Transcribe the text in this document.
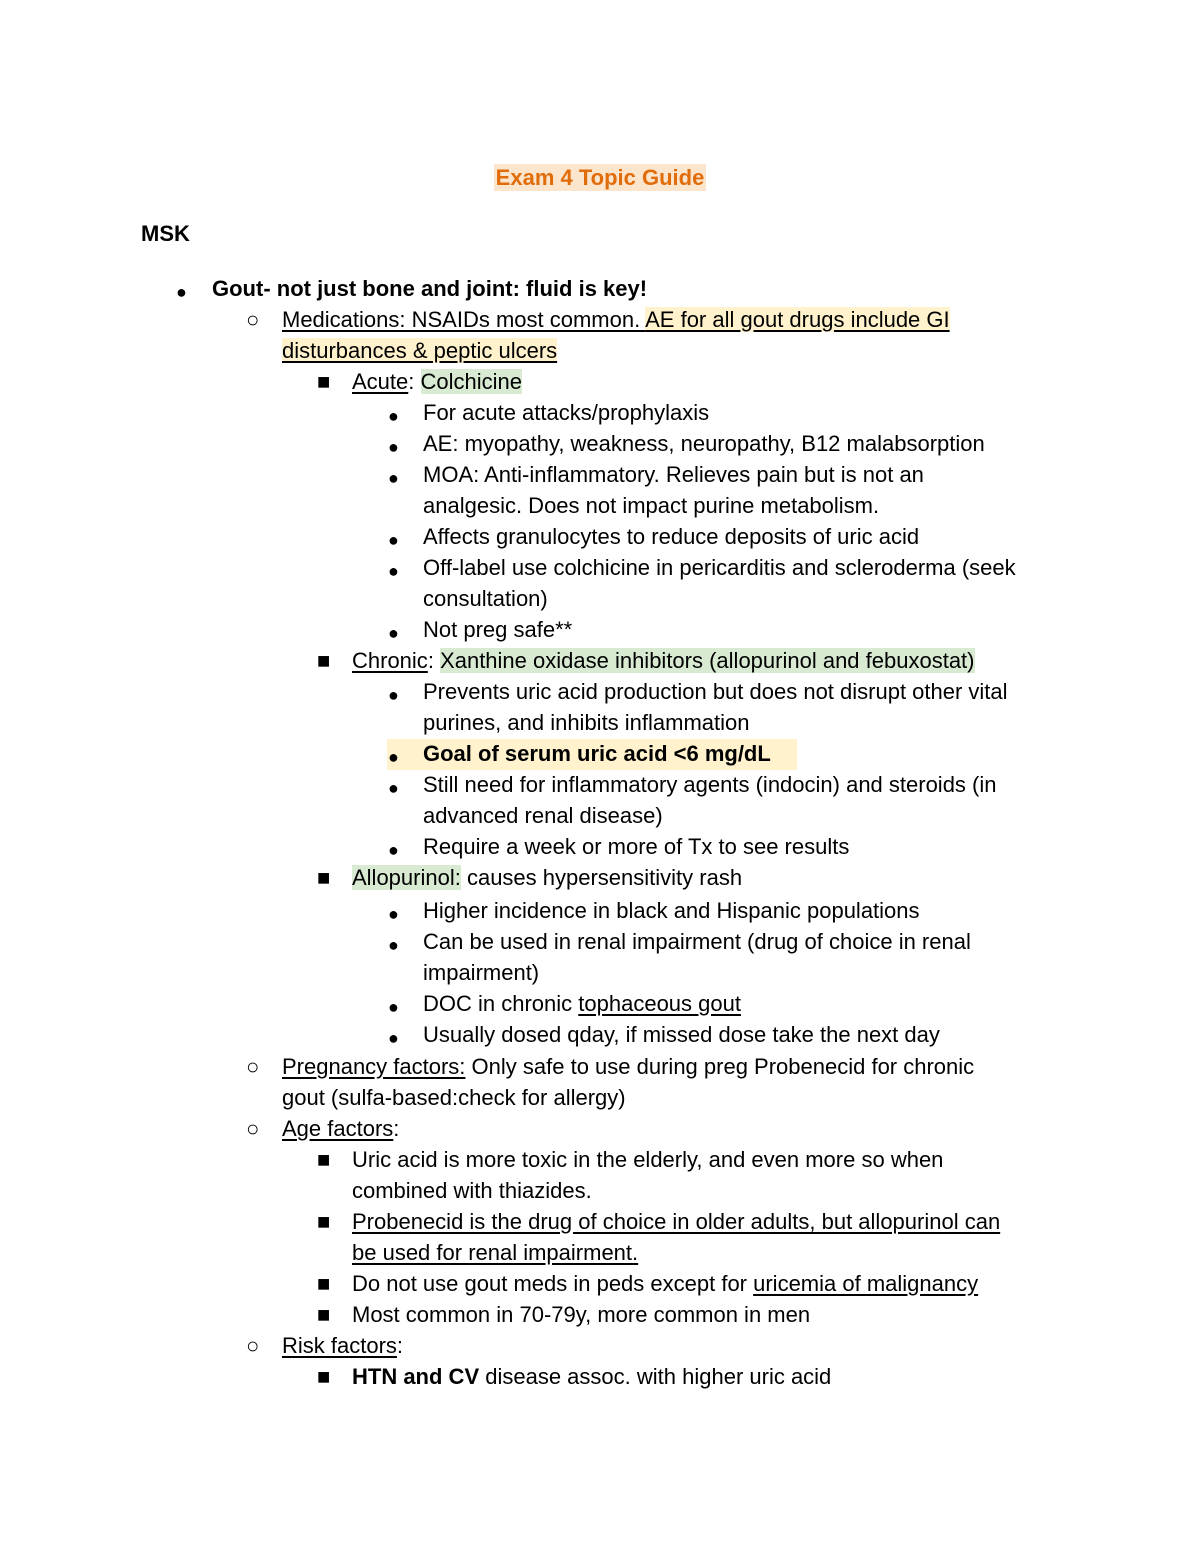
Exam 4 Topic Guide
MSK
● Gout- not just bone and joint: fluid is key!
○ Medications: NSAIDs most common. AE for all gout drugs include GI
disturbances & peptic ulcers
■ Acute: Colchicine
● For acute attacks/prophylaxis
● AE: myopathy, weakness, neuropathy, B12 malabsorption
● MOA: Anti-inflammatory. Relieves pain but is not an
analgesic. Does not impact purine metabolism.
● Affects granulocytes to reduce deposits of uric acid
● Off-label use colchicine in pericarditis and scleroderma (seek
consultation)
● Not preg safe**
■ Chronic: Xanthine oxidase inhibitors (allopurinol and febuxostat)
● Prevents uric acid production but does not disrupt other vital
purines, and inhibits inflammation
● Goal of serum uric acid <6 mg/dL
● Still need for inflammatory agents (indocin) and steroids (in
advanced renal disease)
● Require a week or more of Tx to see results
■ Allopurinol: causes hypersensitivity rash
● Higher incidence in black and Hispanic populations
● Can be used in renal impairment (drug of choice in renal
impairment)
● DOC in chronic tophaceous gout
● Usually dosed qday, if missed dose take the next day
○ Pregnancy factors: Only safe to use during preg Probenecid for chronic
gout (sulfa-based:check for allergy)
○ Age factors:
■ Uric acid is more toxic in the elderly, and even more so when
combined with thiazides.
■ Probenecid is the drug of choice in older adults, but allopurinol can
be used for renal impairment.
■ Do not use gout meds in peds except for uricemia of malignancy
■ Most common in 70-79y, more common in men
○ Risk factors:
■ HTN and CV disease assoc. with higher uric acid
